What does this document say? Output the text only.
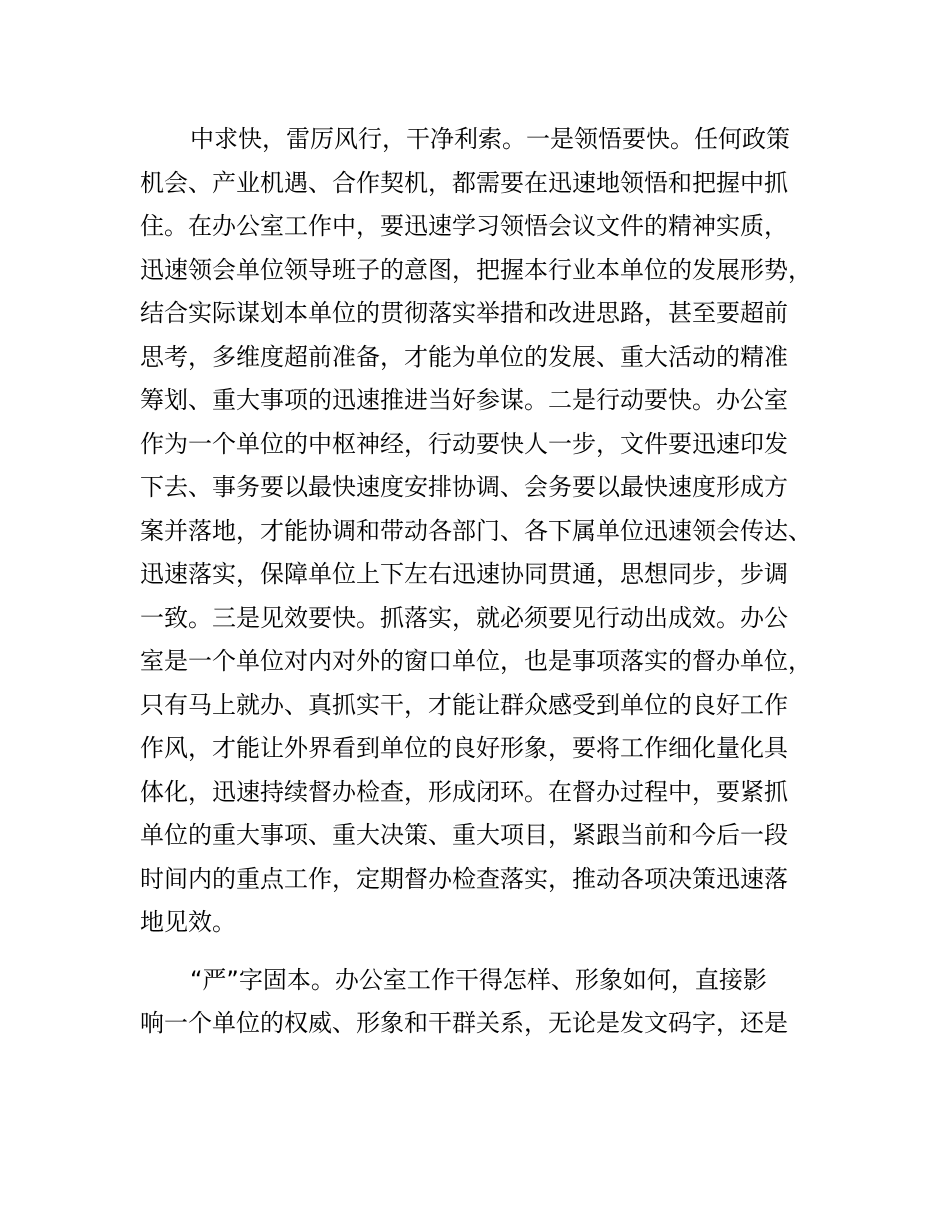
中求快，雷厉风行，干净利索。一是领悟要快。任何政策
机会、产业机遇、合作契机，都需要在迅速地领悟和把握中抓
住。在办公室工作中，要迅速学习领悟会议文件的精神实质，
迅速领会单位领导班子的意图，把握本行业本单位的发展形势，
结合实际谋划本单位的贯彻落实举措和改进思路，甚至要超前
思考，多维度超前准备，才能为单位的发展、重大活动的精准
筹划、重大事项的迅速推进当好参谋。二是行动要快。办公室
作为一个单位的中枢神经，行动要快人一步，文件要迅速印发
下去、事务要以最快速度安排协调、会务要以最快速度形成方
案并落地，才能协调和带动各部门、各下属单位迅速领会传达、
迅速落实，保障单位上下左右迅速协同贯通，思想同步，步调
一致。三是见效要快。抓落实，就必须要见行动出成效。办公
室是一个单位对内对外的窗口单位，也是事项落实的督办单位，
只有马上就办、真抓实干，才能让群众感受到单位的良好工作
作风，才能让外界看到单位的良好形象，要将工作细化量化具
体化，迅速持续督办检查，形成闭环。在督办过程中，要紧抓
单位的重大事项、重大决策、重大项目，紧跟当前和今后一段
时间内的重点工作，定期督办检查落实，推动各项决策迅速落
地见效。
“严”字固本。办公室工作干得怎样、形象如何，直接影
响一个单位的权威、形象和干群关系，无论是发文码字，还是
